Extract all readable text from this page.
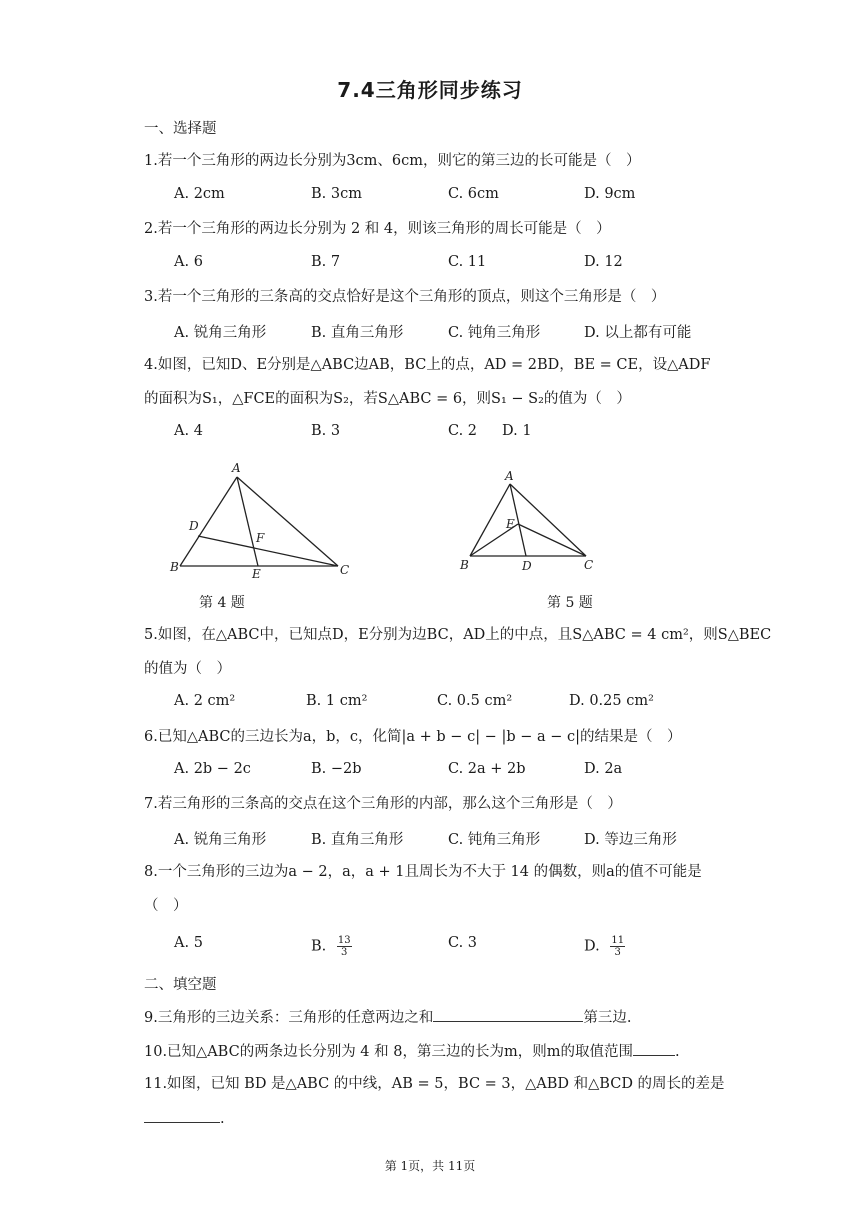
7.4三角形同步练习
一、选择题
1.若一个三角形的两边长分别为3cm、6cm，则它的第三边的长可能是（　）
A. 2cm	B. 3cm	C. 6cm	D. 9cm
2.若一个三角形的两边长分别为 2 和 4，则该三角形的周长可能是（　）
A. 6	B. 7	C. 11	D. 12
3.若一个三角形的三条高的交点恰好是这个三角形的顶点，则这个三角形是（　）
A. 锐角三角形	B. 直角三角形	C. 钝角三角形	D. 以上都有可能
4.如图，已知D、E分别是△ABC边AB，BC上的点，AD = 2BD，BE = CE，设△ADF
的面积为S₁，△FCE的面积为S₂，若S△ABC = 6，则S₁ − S₂的值为（　）
A. 4	B. 3	C. 2 D. 1
A
D
F
B	E	C
第 4 题
A
E
B	D	C
第 5 题
5.如图，在△ABC中，已知点D，E分别为边BC，AD上的中点，且S△ABC = 4 cm²，则S△BEC
的值为（　）
A. 2 cm²	B. 1 cm²	C. 0.5 cm²	D. 0.25 cm²
6.已知△ABC的三边长为a，b，c，化简|a + b − c| − |b − a − c|的结果是（　）
A. 2b − 2c	B. −2b	C. 2a + 2b	D. 2a
7.若三角形的三条高的交点在这个三角形的内部，那么这个三角形是（　）
A. 锐角三角形	B. 直角三角形	C. 钝角三角形	D. 等边三角形
8.一个三角形的三边为a − 2，a，a + 1且周长为不大于 14 的偶数，则a的值不可能是
（　）
A. 5	B. $\frac{13}{3}$	C. 3	D. $\frac{11}{3}$
二、填空题
9.三角形的三边关系：三角形的任意两边之和	第三边.
10.已知△ABC的两条边长分别为 4 和 8，第三边的长为m，则m的取值范围	.
11.如图，已知 BD 是△ABC 的中线，AB = 5，BC = 3，△ABD 和△BCD 的周长的差是
.
第 1页，共 11页
